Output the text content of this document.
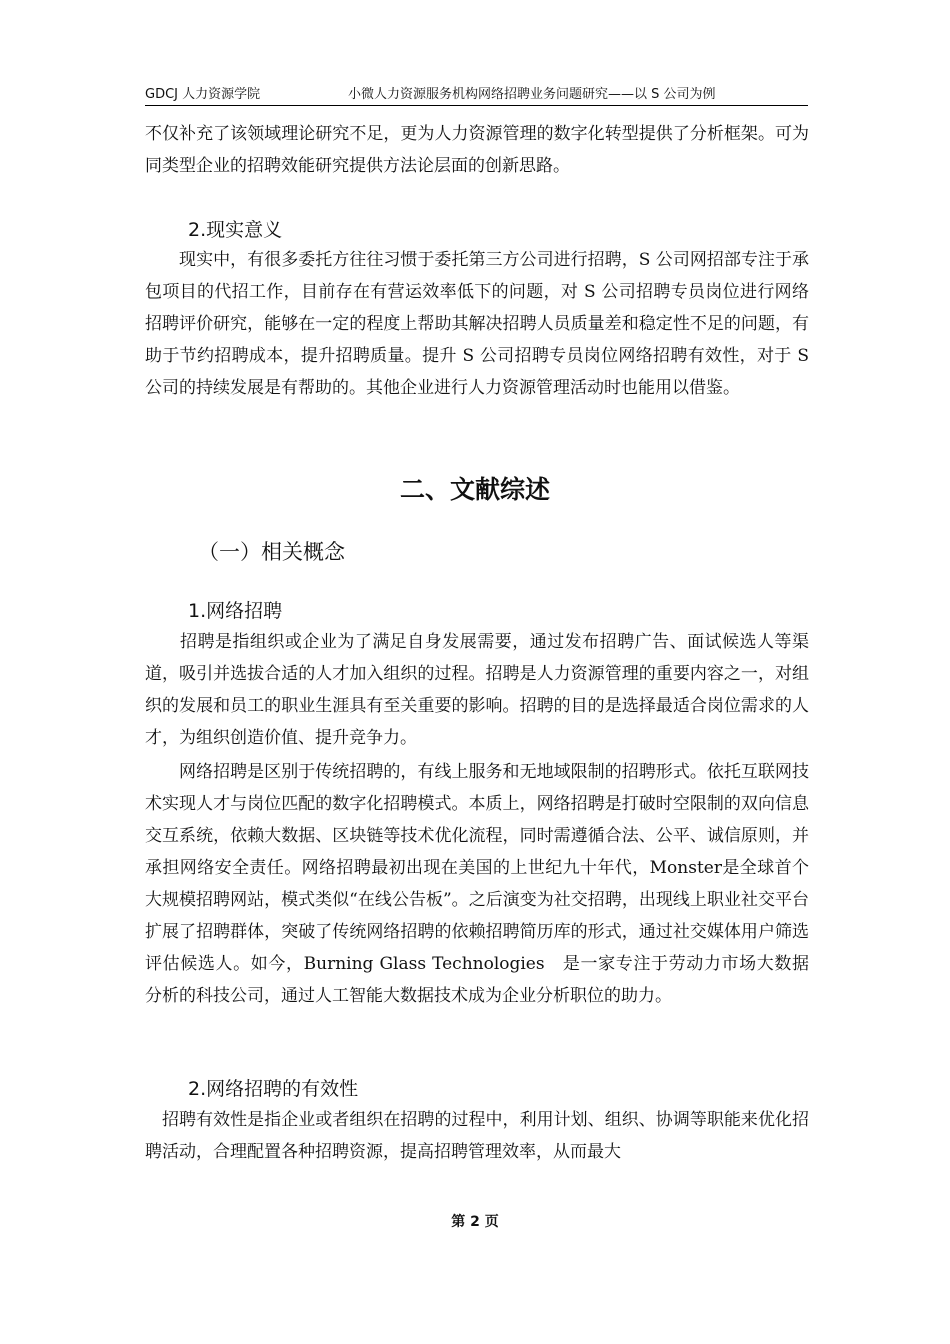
GDCJ 人力资源学院	小微人力资源服务机构网络招聘业务问题研究——以 S 公司为例

不仅补充了该领域理论研究不足，更为人力资源管理的数字化转型提供了分析框架。可为同类型企业的招聘效能研究提供方法论层面的创新思路。

2.现实意义

　　现实中，有很多委托方往往习惯于委托第三方公司进行招聘，S 公司网招部专注于承包项目的代招工作，目前存在有营运效率低下的问题，对 S 公司招聘专员岗位进行网络招聘评价研究，能够在一定的程度上帮助其解决招聘人员质量差和稳定性不足的问题，有助于节约招聘成本，提升招聘质量。提升 S 公司招聘专员岗位网络招聘有效性，对于 S 公司的持续发展是有帮助的。其他企业进行人力资源管理活动时也能用以借鉴。

二、文献综述
（一）相关概念
1.网络招聘

　　招聘是指组织或企业为了满足自身发展需要，通过发布招聘广告、面试候选人等渠道，吸引并选拔合适的人才加入组织的过程。招聘是人力资源管理的重要内容之一，对组织的发展和员工的职业生涯具有至关重要的影响。招聘的目的是选择最适合岗位需求的人才，为组织创造价值、提升竞争力。

　　网络招聘是区别于传统招聘的，有线上服务和无地域限制的招聘形式。依托互联网技术实现人才与岗位匹配的数字化招聘模式。本质上，网络招聘是打破时空限制的双向信息交互系统，依赖大数据、区块链等技术优化流程，同时需遵循合法、公平、诚信原则，并承担网络安全责任。网络招聘最初出现在美国的上世纪九十年代，Monster是全球首个大规模招聘网站，模式类似“在线公告板”。之后演变为社交招聘，出现线上职业社交平台扩展了招聘群体，突破了传统网络招聘的依赖招聘简历库的形式，通过社交媒体用户筛选评估候选人。如今，Burning Glass Technologies　是一家专注于劳动力市场大数据分析的科技公司，通过人工智能大数据技术成为企业分析职位的助力。

2.网络招聘的有效性

　招聘有效性是指企业或者组织在招聘的过程中，利用计划、组织、协调等职能来优化招聘活动，合理配置各种招聘资源，提高招聘管理效率，从而最大

第 2 页
